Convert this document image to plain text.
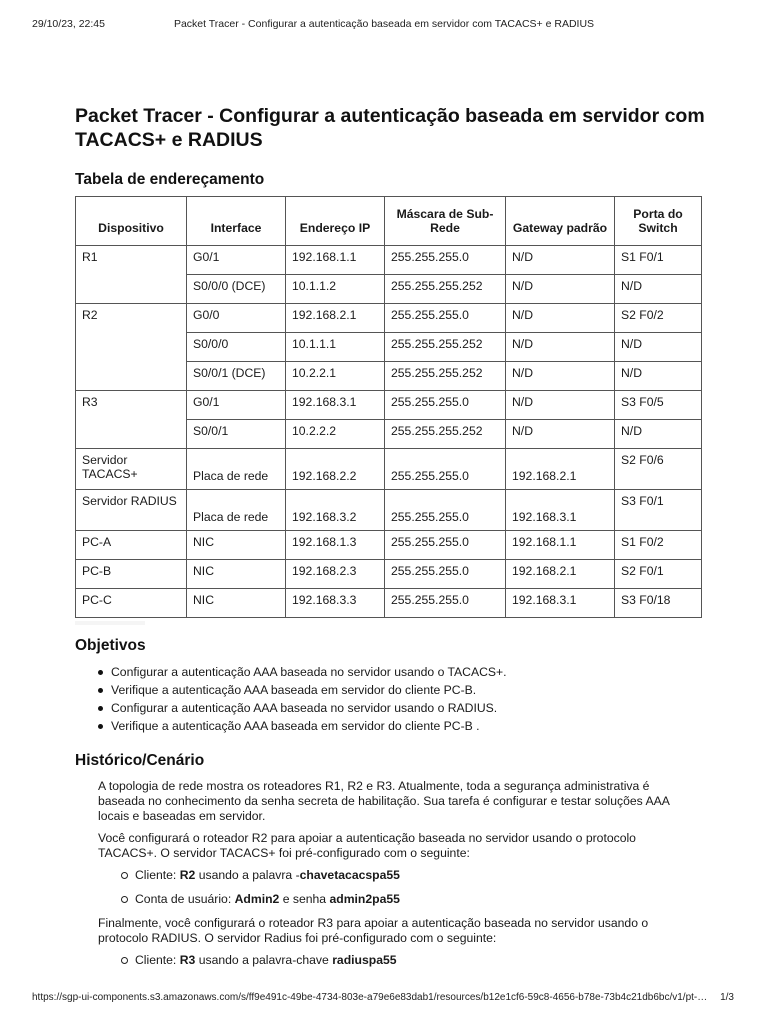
29/10/23, 22:45	Packet Tracer - Configurar a autenticação baseada em servidor com TACACS+ e RADIUS
Packet Tracer - Configurar a autenticação baseada em servidor com TACACS+ e RADIUS
Tabela de endereçamento
Dispositivo	Interface	Endereço IP	Máscara de Sub-Rede	Gateway padrão	Porta do Switch
R1	G0/1	192.168.1.1	255.255.255.0	N/D	S1 F0/1
	S0/0/0 (DCE)	10.1.1.2	255.255.255.252	N/D	N/D
R2	G0/0	192.168.2.1	255.255.255.0	N/D	S2 F0/2
	S0/0/0	10.1.1.1	255.255.255.252	N/D	N/D
	S0/0/1 (DCE)	10.2.2.1	255.255.255.252	N/D	N/D
R3	G0/1	192.168.3.1	255.255.255.0	N/D	S3 F0/5
	S0/0/1	10.2.2.2	255.255.255.252	N/D	N/D
Servidor TACACS+	Placa de rede	192.168.2.2	255.255.255.0	192.168.2.1	S2 F0/6
Servidor RADIUS	Placa de rede	192.168.3.2	255.255.255.0	192.168.3.1	S3 F0/1
PC-A	NIC	192.168.1.3	255.255.255.0	192.168.1.1	S1 F0/2
PC-B	NIC	192.168.2.3	255.255.255.0	192.168.2.1	S2 F0/1
PC-C	NIC	192.168.3.3	255.255.255.0	192.168.3.1	S3 F0/18
Objetivos
Configurar a autenticação AAA baseada no servidor usando o TACACS+.
Verifique a autenticação AAA baseada em servidor do cliente PC-B.
Configurar a autenticação AAA baseada no servidor usando o RADIUS.
Verifique a autenticação AAA baseada em servidor do cliente PC-B .
Histórico/Cenário

A topologia de rede mostra os roteadores R1, R2 e R3. Atualmente, toda a segurança administrativa é baseada no conhecimento da senha secreta de habilitação. Sua tarefa é configurar e testar soluções AAA locais e baseadas em servidor.

Você configurará o roteador R2 para apoiar a autenticação baseada no servidor usando o protocolo TACACS+. O servidor TACACS+ foi pré-configurado com o seguinte:

Cliente: R2 usando a palavra -chavetacacspa55
Conta de usuário: Admin2 e senha admin2pa55

Finalmente, você configurará o roteador R3 para apoiar a autenticação baseada no servidor usando o protocolo RADIUS. O servidor Radius foi pré-configurado com o seguinte:

Cliente: R3 usando a palavra-chave radiuspa55
https://sgp-ui-components.s3.amazonaws.com/s/ff9e491c-49be-4734-803e-a79e6e83dab1/resources/b12e1cf6-59c8-4656-b78e-73b4c21db6bc/v1/pt-…	1/3
